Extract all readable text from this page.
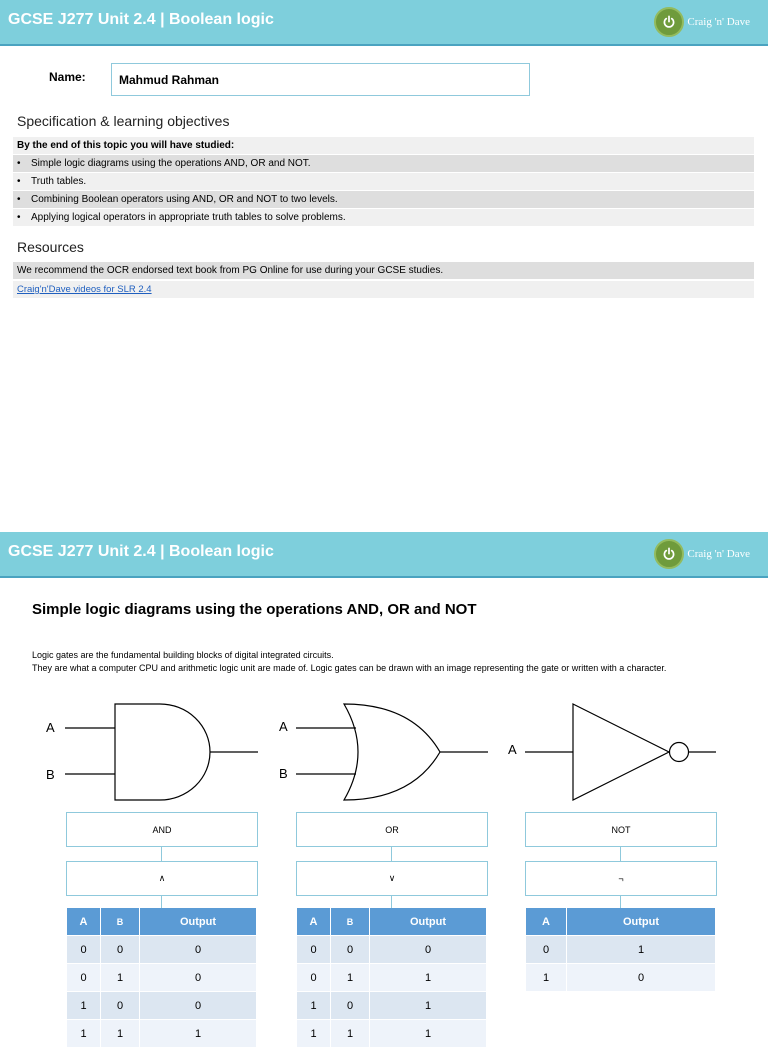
GCSE J277 Unit 2.4 | Boolean logic	Craig 'n' Dave
Name:	Mahmud Rahman
Specification & learning objectives
By the end of this topic you will have studied:
• Simple logic diagrams using the operations AND, OR and NOT.
• Truth tables.
• Combining Boolean operators using AND, OR and NOT to two levels.
• Applying logical operators in appropriate truth tables to solve problems.
Resources
We recommend the OCR endorsed text book from PG Online for use during your GCSE studies.
Craig'n'Dave videos for SLR 2.4
GCSE J277 Unit 2.4 | Boolean logic	Craig 'n' Dave
Simple logic diagrams using the operations AND, OR and NOT
Logic gates are the fundamental building blocks of digital integrated circuits.
They are what a computer CPU and arithmetic logic unit are made of. Logic gates can be drawn with an image representing the gate or written with a character.
A
B
A
B
A
AND
∧
A	B	Output
0	0	0
0	1	0
1	0	0
1	1	1
OR
∨
A	B	Output
0	0	0
0	1	1
1	0	1
1	1	1
NOT
¬
A	Output
0	1
1	0
